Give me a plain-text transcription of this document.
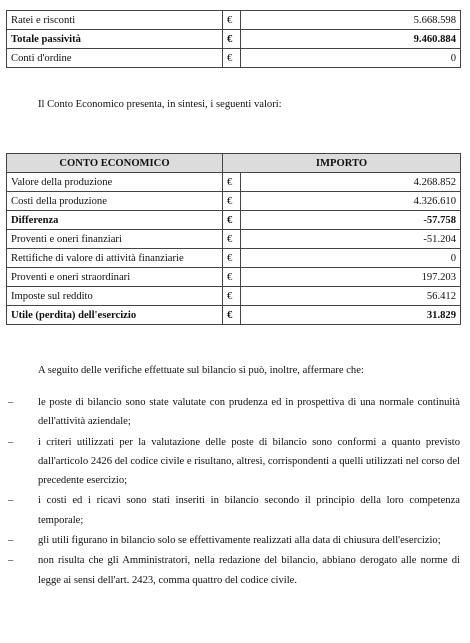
Ratei e risconti	€	5.668.598
Totale passività	€	9.460.884
Conti d'ordine	€	0
Il Conto Economico presenta, in sintesi, i seguenti valori:
CONTO ECONOMICO	IMPORTO	
Valore della produzione	€	4.268.852
Costi della produzione	€	4.326.610
Differenza	€	-57.758
Proventi e oneri finanziari	€	-51.204
Rettifiche di valore di attività finanziarie	€	0
Proventi e oneri straordinari	€	197.203
Imposte sul reddito	€	56.412
Utile (perdita) dell'esercizio	€	31.829
A seguito delle verifiche effettuate sul bilancio si può, inoltre, affermare che:
– le poste di bilancio sono state valutate con prudenza ed in prospettiva di una normale continuità dell'attività aziendale;
– i criteri utilizzati per la valutazione delle poste di bilancio sono conformi a quanto previsto dall'articolo 2426 del codice civile e risultano, altresì, corrispondenti a quelli utilizzati nel corso del precedente esercizio;
– i costi ed i ricavi sono stati inseriti in bilancio secondo il principio della loro competenza temporale;
– gli utili figurano in bilancio solo se effettivamente realizzati alla data di chiusura dell'esercizio;
– non risulta che gli Amministratori, nella redazione del bilancio, abbiano derogato alle norme di legge ai sensi dell'art. 2423, comma quattro del codice civile.
